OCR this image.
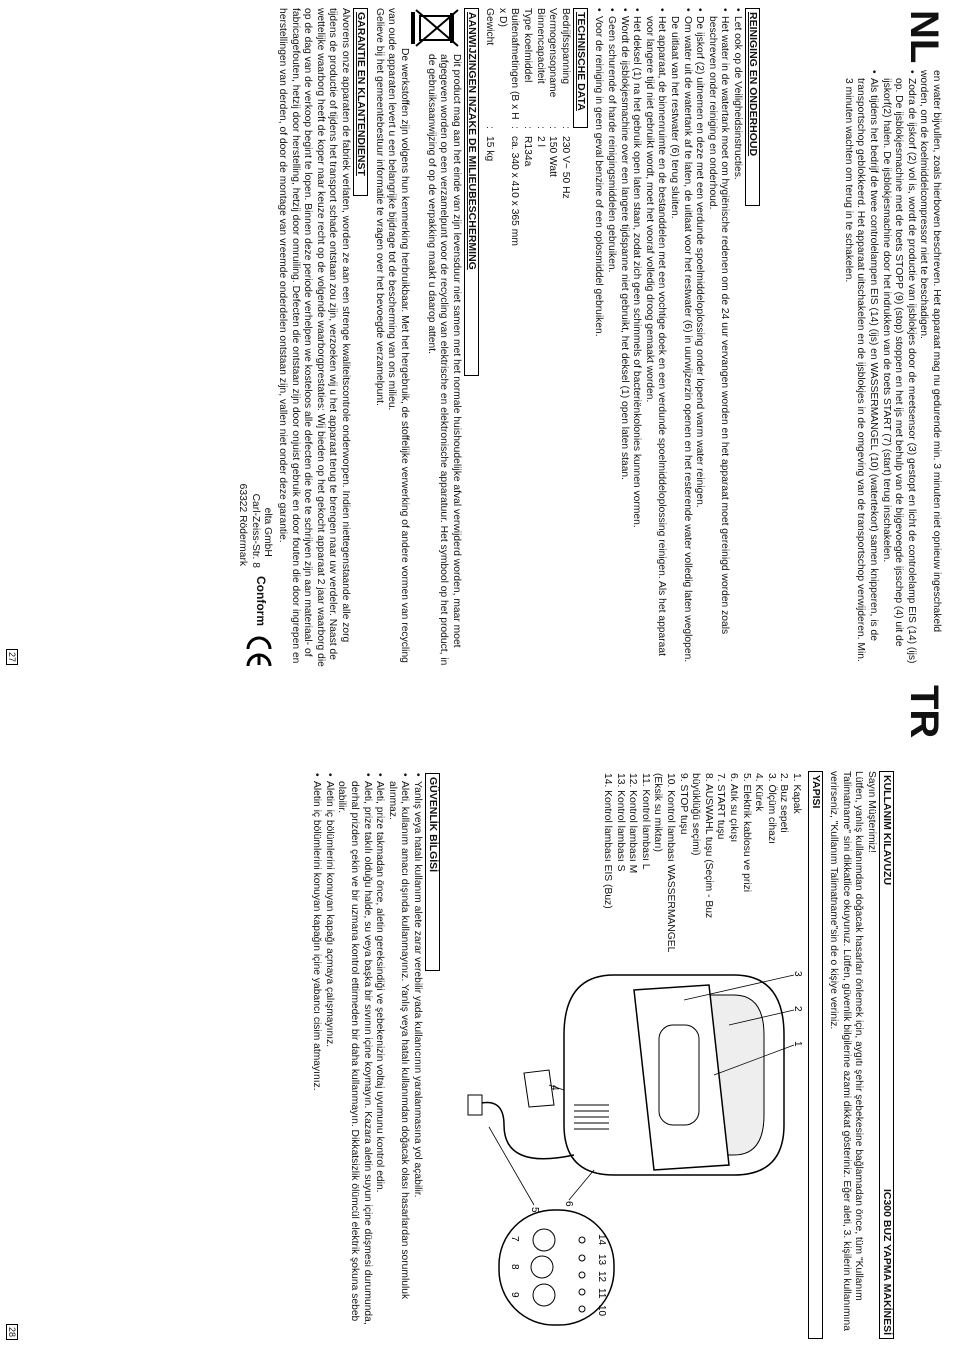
NL

en water bijvullen, zoals hierboven beschreven. Het apparaat mag nu gedurende min. 3 minuten niet opnieuw ingeschakeld worden, om de koelmiddelcompressor niet te beschadigen.

• Zodra de ijskorf (2) vol is, wordt de productie van ijsblokjes door de meetsensor (3) gestopt en licht de controlelamp EIS (14) (ijs) op. De ijsblokjesmachine met de toets STOPP (9) (stop) stoppen en het ijs met behulp van de bijgevoegde ijsschep (4) uit de ijskorf(2) halen. De ijsblokjesmachine door het indrukken van de toets START (7) (start) terug inschakelen.
• Als tijdens het bedrijf de twee controlelampen EIS (14) (ijs) en WASSERMANGEL (10) (watertekort) samen knipperen, is de transportschop geblokkeerd. Het apparaat uitschakelen en de ijsblokjes in de omgeving van de transportschop verwijderen. Min. 3 minuten wachten om terug in te schakelen.
REINIGING EN ONDERHOUD
• Let ook op de Veiligheidsinstructies.
• Het water in de watertank moet om hygiënische redenen om de 24 uur vervangen worden en het apparaat moet gereinigd worden zoals beschreven onder reiniging en onderhoud.
• De ijskorf (2) uitnemen en deze met een verdunde spoelmiddeloplossing onder lopend warm water reinigen.
• Om water uit de watertank af te laten, de uitlaat voor het restwater (6) in uurwijzerzin openen en het resterende water volledig laten weglopen. De uitlaat van het restwater (6) terug sluiten.
• Het apparaat, de binnenruimte en de bestanddelen met een vochtige doek en een verdunde spoelmiddeloplossing reinigen. Als het apparaat voor langere tijd niet gebruikt wordt, moet het vooraf volledig droog gemaakt worden.
• Het deksel (1) na het gebruik open laten staan, zodat zich geen schimmels of bacteriënkolonies kunnen vormen.
• Wordt de ijsblokjesmachine over een langere tijdspanne niet gebruikt, het deksel (1) open laten staan.
• Geen schurende of harde reinigingsmiddelen gebruiken.
• Voor de reiniging in geen geval benzine of een oplosmiddel gebruiken.
TECHNISCHE DATA
Bedrijfsspanning
:
230 V~ 50 Hz
Vermogensopname
:
150 Watt
Binnencapaciteit
:
2 l
Type koelmiddel
:
R134a
Buitenafmetingen (B x H x D)
:
ca. 340 x 410 x 365 mm
Gewicht
:
15 kg
AANWIJZINGEN INZAKE DE MILIEUBESCHERMING

Dit product mag aan het einde van zijn levensduur niet samen met het normale huishoudelijke afval verwijderd worden, maar moet afgegeven worden op een verzamelpunt voor de recycling van elektrische en elektronische apparatuur. Het symbool op het product, in de gebruiksaanwijzing of op de verpakking maakt u daarop attent.

De werkstoffen zijn volgens hun kenmerking herbruikbaar. Met het hergebruik, de stoffelijke verwerking of andere vormen van recycling van oude apparaten levert u een belangrijke bijdrage tot de bescherming van ons milieu.

Gelieve bij het gemeentebestuur informatie te vragen over het bevoegde verzamelpunt.

GARANTIE EN KLANTENDIENST

Alvorens onze apparaten de fabriek verlaten, worden ze aan een strenge kwaliteitscontrole onderworpen. Indien niettegenstaande alle zorg tijdens de productie of tijdens het transport schade ontstaan zou zijn, verzoeken wij u het apparaat terug te brengen naar uw verdeler. Naast de wettelijke waarborg heeft de koper naar keuze recht op de volgende waarborgprestaties: Wij bieden op het gekocht apparaat 2 jaar waarborg die op de dag van de verkoop begint te lopen. Binnen deze periode verhelpen we kosteloos alle defecten die toe te schrijven zijn aan materiaal- of fabricagefouten, hetzij door herstelling, hetzij door omruiling. Defecten die ontstaan zijn door onjuist gebruik en door fouten die door ingrepen en herstellingen van derden, of door de montage van vreemde onderdelen ontstaan zijn, vallen niet onder deze garantie.

elta GmbH
Carl-Zeiss-Str. 8
63322 Rödermark
Conform
27
TR
KULLANIM KILAVUZU
IC300 BUZ YAPMA MAKİNESİ

Sayın Müşterimiz!

Lütfen, yanlış kullanımdan doğacak hasarları önlemek için, aygıtı şehir şebekesine bağlamadan önce, tüm "Kullanım Talimatname" sini dikkatlice okuyunuz. Lütfen, güvenlik bilgilerine azami dikkat gösteriniz. Eğer aleti, 3. kişilerin kullanımına verirseniz, "Kullanım Talimatname"sin de o kişiye veriniz.

YAPISI
1. Kapak
2. Buz sepeti
3. Ölçüm cihazı
4. Kürek
5. Elektrik kablosu ve prizi
6. Atık su çıkışı
7. START tuşu
8. AUSWAHL tuşu (Seçim - Buz büyüklüğü seçimi)
9. STOP tuşu
10. Kontrol lambası WASSERMANGEL (Eksik su miktarı)
11. Kontrol lambası L
12. Kontrol lambası M
13. Kontrol lambası S
14. Kontrol lambası EIS (Buz)
1
2
3
4
5
6
7
8
9
10
11
12
13
14
GÜVENLİK BİLGİSİ
• Yanlış veya hatalı kullanım alete zarar verebilir yada kullanıcının yaralanmasına yol açabilir.
• Aleti, kullanım amacı dışında kullanmayınız. Yanlış veya hatalı kullanımdan doğacak olası hasarlardan sorumluluk alınmaz.
• Aleti, prize takmadan önce, aletin gereksindiği ve şebekenizin voltaj uyumunu kontrol edin.
• Aleti, prize takılı olduğu halde, su veya başka bir sıvının içine koymayın. Kazara aletin suyun içine düşmesi durumunda, derhal prizden çekin ve bir uzmana kontrol ettirmeden bir daha kullanmayın. Dikkatsizlik ölümcül elektrik şokuna sebeb olabilir.
• Aletin iç bölümlerini konuyan kapağı açmaya çalışmayınız.
• Aletin iç bölümlerini konuyan kapağın içine yabancı cisim atmayınız.
28
